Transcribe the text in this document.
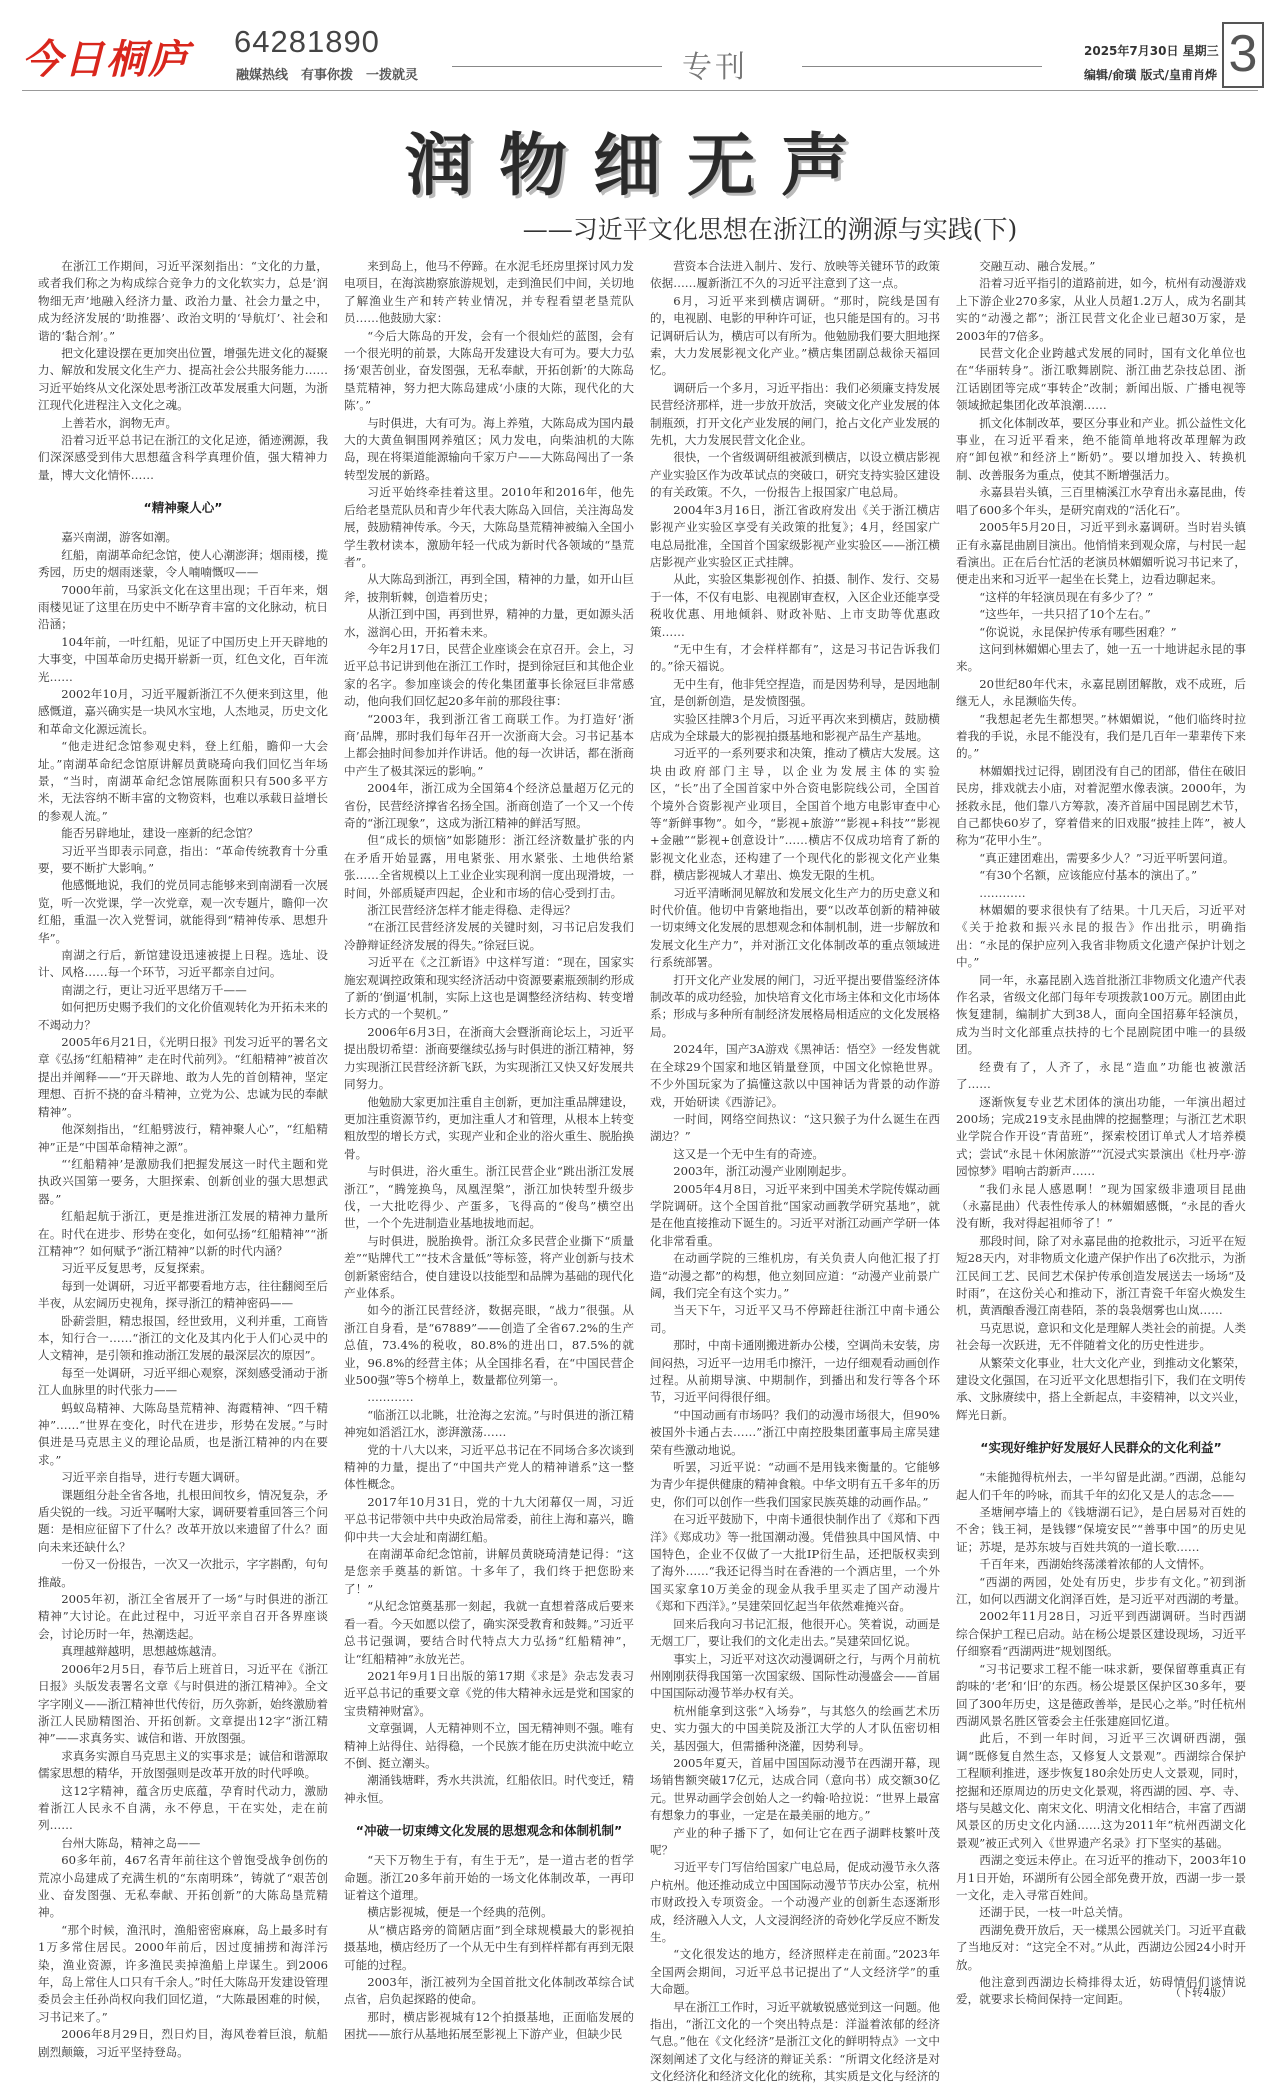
今日桐庐 64281890
融媒热线　有事你拨　一拨就灵	专刊	2025年7月30日 星期三
编辑/俞璜 版式/皇甫肖烨 3
润物细无声
——习近平文化思想在浙江的溯源与实践(下)

在浙江工作期间，习近平深刻指出：“文化的力量，或者我们称之为构成综合竞争力的文化软实力，总是‘润物细无声’地融入经济力量、政治力量、社会力量之中，成为经济发展的‘助推器’、政治文明的‘导航灯’、社会和谐的‘黏合剂’。”

把文化建设摆在更加突出位置，增强先进文化的凝聚力、解放和发展文化生产力、提高社会公共服务能力……习近平始终从文化深处思考浙江改革发展重大问题，为浙江现代化进程注入文化之魂。

上善若水，润物无声。

沿着习近平总书记在浙江的文化足迹，循迹溯源，我们深深感受到伟大思想蕴含科学真理价值，强大精神力量，博大文化情怀……

“精神聚人心”

嘉兴南湖，游客如潮。

红船，南湖革命纪念馆，使人心潮澎湃；烟雨楼，揽秀园，历史的烟雨迷蒙，令人喃喃慨叹——

7000年前，马家浜文化在这里出现；千百年来，烟雨楼见证了这里在历史中不断孕育丰富的文化脉动，杭日沿涵；

104年前，一叶红船，见证了中国历史上开天辟地的大事变，中国革命历史揭开崭新一页，红色文化，百年流光……

2002年10月，习近平履新浙江不久便来到这里，他感慨道，嘉兴确实是一块风水宝地，人杰地灵，历史文化和革命文化源远流长。

“他走进纪念馆参观史料，登上红船，瞻仰一大会址。”南湖革命纪念馆原讲解员黄晓琦向我们回忆当年场景，“当时，南湖革命纪念馆展陈面积只有500多平方米，无法容纳不断丰富的文物资料，也难以承载日益增长的参观人流。”

能否另辟地址，建设一座新的纪念馆？

习近平当即表示同意，指出：“革命传统教育十分重要，要不断扩大影响。”

他感慨地说，我们的党员同志能够来到南湖看一次展览，听一次党课，学一次党章，观一次专题片，瞻仰一次红船，重温一次入党誓词，就能得到“精神传承、思想升华”。

南湖之行后，新馆建设迅速被提上日程。选址、设计、风格……每一个环节，习近平都亲自过问。

南湖之行，更让习近平思绪万千——

如何把历史赐予我们的文化价值观转化为开拓未来的不竭动力？

2005年6月21日，《光明日报》刊发习近平的署名文章《弘扬“红船精神” 走在时代前列》。“红船精神”被首次提出并阐释——“开天辟地、敢为人先的首创精神，坚定理想、百折不挠的奋斗精神，立党为公、忠诚为民的奉献精神”。

他深刻指出，“红船劈波行，精神聚人心”，“红船精神”正是“中国革命精神之源”。

“‘红船精神’是激励我们把握发展这一时代主题和党执政兴国第一要务，大胆探索、创新创业的强大思想武器。”

红船起航于浙江，更是推进浙江发展的精神力量所在。时代在进步、形势在变化，如何弘扬“红船精神”“浙江精神”？如何赋予“浙江精神”以新的时代内涵？

习近平反复思考，反复探索。

每到一处调研，习近平都要看地方志，往往翻阅至后半夜，从宏阔历史视角，探寻浙江的精神密码——

卧薪尝胆，精忠报国，经世致用，义利并重，工商皆本，知行合一……“浙江的文化及其内化于人们心灵中的人文精神，是引领和推动浙江发展的最深层次的原因”。

每至一处调研，习近平细心观察，深刻感受涌动于浙江人血脉里的时代张力——

蚂蚁岛精神、大陈岛垦荒精神、海霞精神、“四千精神”……“世界在变化，时代在进步，形势在发展。”与时俱进是马克思主义的理论品质，也是浙江精神的内在要求。”

习近平亲自指导，进行专题大调研。

课题组分赴全省各地，扎根田间牧乡，情况复杂，矛盾尖锐的一线。习近平嘱咐大家，调研要着重回答三个问题：是相应征留下了什么？改革开放以来遗留了什么？面向未来还缺什么？

一份又一份报告，一次又一次批示，字字斟酌，句句推敲。

2005年初，浙江全省展开了一场“与时俱进的浙江精神”大讨论。在此过程中，习近平亲自召开各界座谈会，讨论历时一年，热潮迭起。

真理越辩越明，思想越炼越清。

2006年2月5日，春节后上班首日，习近平在《浙江日报》头版发表署名文章《与时俱进的浙江精神》。全文字字刚义——浙江精神世代传衍，历久弥新，始终激励着浙江人民励精图治、开拓创新。文章提出12字“浙江精神”——求真务实、诚信和谐、开放图强。

求真务实源自马克思主义的实事求是；诚信和谐源取儒家思想的精华，开放图强则是改革开放的时代呼唤。

这12字精神，蕴含历史底蕴，孕育时代动力，激励着浙江人民永不自满，永不停息，干在实处，走在前列……

台州大陈岛，精神之岛——

60多年前，467名青年前往这个曾饱受战争创伤的荒凉小岛建成了充满生机的“东南明珠”，铸就了“艰苦创业、奋发图强、无私奉献、开拓创新”的大陈岛垦荒精神。

“那个时候，渔汛时，渔船密密麻麻，岛上最多时有1万多常住居民。2000年前后，因过度捕捞和海洋污染，渔业资源，许多渔民卖掉渔船上岸谋生。到2006年，岛上常住人口只有千余人。”时任大陈岛开发建设管理委员会主任孙尚权向我们回忆道，“大陈最困难的时候，习书记来了。”

2006年8月29日，烈日灼目，海风卷着巨浪，航船剧烈颠簸，习近平坚持登岛。

来到岛上，他马不停蹄。在水泥毛坯房里探讨风力发电项目，在海滨勘察旅游规划，走到渔民们中间，关切地了解渔业生产和转产转业情况，并专程看望老垦荒队员……他鼓励大家：

“今后大陈岛的开发，会有一个很灿烂的蓝图，会有一个很光明的前景，大陈岛开发建设大有可为。要大力弘扬‘艰苦创业，奋发图强，无私奉献，开拓创新’的大陈岛垦荒精神，努力把大陈岛建成‘小康的大陈，现代化的大陈’。”

与时俱进，大有可为。海上养殖，大陈岛成为国内最大的大黄鱼铜围网养殖区；风力发电，向柴油机的大陈岛，现在将渠道能源输向千家万户——大陈岛闯出了一条转型发展的新路。

习近平始终牵挂着这里。2010年和2016年，他先后给老垦荒队员和青少年代表大陈岛入回信，关注海岛发展，鼓励精神传承。今天，大陈岛垦荒精神被编入全国小学生教材读本，激励年轻一代成为新时代各领域的“垦荒者”。

从大陈岛到浙江，再到全国，精神的力量，如开山巨斧，披荆斩棘，创造着历史；

从浙江到中国，再到世界，精神的力量，更如源头活水，滋润心田，开拓着未来。

今年2月17日，民营企业座谈会在京召开。会上，习近平总书记讲到他在浙江工作时，提到徐冠巨和其他企业家的名字。参加座谈会的传化集团董事长徐冠巨非常感动，他向我们回忆起20多年前的那段往事：

“2003年，我到浙江省工商联工作。为打造好‘浙商’品牌，那时我们每年召开一次浙商大会。习书记基本上都会抽时间参加并作讲话。他的每一次讲话，都在浙商中产生了极其深远的影响。”

2004年，浙江成为全国第4个经济总量超万亿元的省份，民营经济撑省名扬全国。浙商创造了一个又一个传奇的“浙江现象”，这成为浙江精神的鲜活写照。

但“成长的烦恼”如影随形：浙江经济数量扩张的内在矛盾开始显露，用电紧张、用水紧张、土地供给紧张……全省规模以上工业企业实现利润一度出现滑坡，一时间，外部质疑声四起，企业和市场的信心受到打击。

浙江民营经济怎样才能走得稳、走得远？

“在浙江民营经济发展的关键时刻，习书记启发我们冷静辩证经济发展的得失。”徐冠巨说。

习近平在《之江新语》中这样写道：“现在，国家实施宏观调控政策和现实经济活动中资源要素瓶颈制约形成了新的‘倒逼’机制，实际上这也是调整经济结构、转变增长方式的一个契机。”

2006年6月3日，在浙商大会暨浙商论坛上，习近平提出殷切希望：浙商要继续弘扬与时俱进的浙江精神，努力实现浙江民营经济新飞跃，为实现浙江又快又好发展共同努力。

他勉励大家更加注重自主创新，更加注重品牌建设，更加注重资源节约，更加注重人才和管理，从根本上转变粗放型的增长方式，实现产业和企业的浴火重生、脱胎换骨。

与时俱进，浴火重生。浙江民营企业“跳出浙江发展浙江”，“腾笼换鸟，凤凰涅槃”，浙江加快转型升级步伐，一大批吃得少、产蛋多，飞得高的“俊鸟”横空出世，一个个先进制造业基地拔地而起。

与时俱进，脱胎换骨。浙江众多民营企业撕下“质量差”“贴牌代工”“技术含量低”等标签，将产业创新与技术创新紧密结合，使自建设以技能型和品牌为基础的现代化产业体系。

如今的浙江民营经济，数据亮眼，“战力”很强。从浙江自身看，是“67889”——创造了全省67.2%的生产总值，73.4%的税收，80.8%的进出口，87.5%的就业，96.8%的经营主体；从全国排名看，在“中国民营企业500强”等5个榜单上，数量都位列第一。

…………

“临浙江以北眺，壮沧海之宏流。”与时俱进的浙江精神宛如滔滔江水，澎湃激荡……

党的十八大以来，习近平总书记在不同场合多次谈到精神的力量，提出了“中国共产党人的精神谱系”这一整体性概念。

2017年10月31日，党的十九大闭幕仅一周，习近平总书记带领中共中央政治局常委，前往上海和嘉兴，瞻仰中共一大会址和南湖红船。

在南湖革命纪念馆前，讲解员黄晓琦清楚记得：“这是您亲手奠基的新馆。十多年了，我们终于把您盼来了！”

“从纪念馆奠基那一刻起，我就一直想着落成后要来看一看。今天如愿以偿了，确实深受教育和鼓舞。”习近平总书记强调，要结合时代特点大力弘扬“红船精神”，让“红船精神”永放光芒。

2021年9月1日出版的第17期《求是》杂志发表习近平总书记的重要文章《党的伟大精神永远是党和国家的宝贵精神财富》。

文章强调，人无精神则不立，国无精神则不强。唯有精神上站得住、站得稳，一个民族才能在历史洪流中屹立不倒、挺立潮头。

潮涌钱塘畔，秀水共洪流，红船依旧。时代变迁，精神永恒。

“冲破一切束缚文化发展的思想观念和体制机制”

“天下万物生于有，有生于无”，是一道古老的哲学命题。浙江20多年前开始的一场文化体制改革，一再印证着这个道理。

横店影视城，便是一个经典的范例。

从“横店路旁的简陋店面”到全球规模最大的影视拍摄基地，横店经历了一个从无中生有到样样都有再到无限可能的过程。

2003年，浙江被列为全国首批文化体制改革综合试点省，启负起探路的使命。

那时，横店影视城有12个拍摄基地，正面临发展的困扰——旅行从基地拓展至影视上下游产业，但缺少民

营资本合法进入制片、发行、放映等关键环节的政策依据……履新浙江不久的习近平注意到了这一点。

6月，习近平来到横店调研。“那时，院线是国有的，电视剧、电影的甲种许可证，也只能是国有的。习书记调研后认为，横店可以有所为。他勉励我们要大胆地探索，大力发展影视文化产业。”横店集团副总裁徐天福回忆。

调研后一个多月，习近平指出：我们必须廉支持发展民营经济那样，进一步放开放活，突破文化产业发展的体制瓶颈，打开文化产业发展的闸门，抢占文化产业发展的先机，大力发展民营文化企业。

很快，一个省级调研组被派到横店，以设立横店影视产业实验区作为改革试点的突破口，研究支持实验区建设的有关政策。不久，一份报告上报国家广电总局。

2004年3月16日，浙江省政府发出《关于浙江横店影视产业实验区享受有关政策的批复》；4月，经国家广电总局批准，全国首个国家级影视产业实验区——浙江横店影视产业实验区正式挂牌。

从此，实验区集影视创作、拍摄、制作、发行、交易于一体，不仅有电影、电视剧审查权，入区企业还能享受税收优惠、用地倾斜、财政补贴、上市支助等优惠政策……

“无中生有，才会样样都有”，这是习书记告诉我们的。”徐天福说。

无中生有，他非凭空捏造，而是因势利导，是因地制宜，是创新创造，是发愤图强。

实验区挂牌3个月后，习近平再次来到横店，鼓励横店成为全球最大的影视拍摄基地和影视产品生产基地。

习近平的一系列要求和决策，推动了横店大发展。这块由政府部门主导，以企业为发展主体的实验区，“长”出了全国首家中外合资电影院线公司，全国首个境外合资影视产业项目，全国首个地方电影审查中心等“新鲜事物”。如今，“影视+旅游”“影视+科技”“影视+金融”“影视+创意设计”……横店不仅成功培育了新的影视文化业态，还构建了一个现代化的影视文化产业集群，横店影视城人才辈出、焕发无限的生机。

习近平清晰洞见解放和发展文化生产力的历史意义和时代价值。他切中肯綮地指出，要“以改革创新的精神破一切束缚文化发展的思想观念和体制机制，进一步解放和发展文化生产力”，并对浙江文化体制改革的重点领域进行系统部署。

打开文化产业发展的闸门，习近平提出要借鉴经济体制改革的成功经验，加快培育文化市场主体和文化市场体系；形成与多种所有制经济发展格局相适应的文化发展格局。

2024年，国产3A游戏《黑神话：悟空》一经发售就在全球29个国家和地区销量登顶，中国文化惊艳世界。不少外国玩家为了搞懂这款以中国神话为背景的动作游戏，开始研读《西游记》。

一时间，网络空间热议：“这只猴子为什么诞生在西湖边？”

这又是一个无中生有的奇迹。

2003年，浙江动漫产业刚刚起步。

2005年4月8日，习近平来到中国美术学院传媒动画学院调研。这个全国首批“国家动画教学研究基地”，就是在他直接推动下诞生的。习近平对浙江动画产学研一体化非常看重。

在动画学院的三维机房，有关负责人向他汇报了打造“动漫之都”的构想，他立刻回应道：“动漫产业前景广阔，我们完全有这个实力。”

当天下午，习近平又马不停蹄赶往浙江中南卡通公司。

那时，中南卡通刚搬进新办公楼，空调尚未安装，房间闷热，习近平一边用毛巾擦汗，一边仔细观看动画创作过程。从前期导演、中期制作，到播出和发行等各个环节，习近平问得很仔细。

“中国动画有市场吗？我们的动漫市场很大，但90%被国外卡通占去……”浙江中南控股集团董事局主席吴建荣有些激动地说。

听罢，习近平说：“动画不是用钱来衡量的。它能够为青少年提供健康的精神食粮。中华文明有五千多年的历史，你们可以创作一些我们国家民族英雄的动画作品。”

在习近平鼓励下，中南卡通很快制作出了《郑和下西洋》《郑成功》等一批国潮动漫。凭借独具中国风情、中国特色，企业不仅做了一大批IP衍生品，还把版权卖到了海外……“我还记得当时在香港的一个酒店里，一个外国买家拿10万美金的现金从我手里买走了国产动漫片《郑和下西洋》。”吴建荣回忆起当年依然难掩兴奋。

回来后我向习书记汇报，他很开心。笑着说，动画是无烟工厂，要让我们的文化走出去。”吴建荣回忆说。

事实上，习近平对这次动漫调研之行，与两个月前杭州刚刚获得我国第一次国家级、国际性动漫盛会——首届中国国际动漫节举办权有关。

杭州能拿到这张“入场券”，与其悠久的绘画艺术历史、实力强大的中国美院及浙江大学的人才队伍密切相关，基因强大，但需播种浇灌，因势利导。

2005年夏天，首届中国国际动漫节在西湖开幕，现场销售额突破17亿元，达成合同（意向书）成交额30亿元。世界动画学会创始人之一约翰·哈拉说：“世界上最富有想象力的事业，一定是在最美丽的地方。”

产业的种子播下了，如何让它在西子湖畔枝繁叶茂呢？

习近平专门写信给国家广电总局，促成动漫节永久落户杭州。他还推动成立中国国际动漫节节庆办公室，杭州市财政投入专项资金。一个动漫产业的创新生态逐渐形成，经济融入人文，人文浸润经济的奇妙化学反应不断发生。

“文化很发达的地方，经济照样走在前面。”2023年全国两会期间，习近平总书记提出了“人文经济学”的重大命题。

早在浙江工作时，习近平就敏锐感觉到这一问题。他指出，“浙江文化的一个突出特点是：洋溢着浓郁的经济气息。”他在《文化经济”是浙江文化的鲜明特点》一文中深刻阐述了文化与经济的辩证关系：“所谓文化经济是对文化经济化和经济文化化的统称，其实质是文化与经济的

交融互动、融合发展。”

沿着习近平指引的道路前进，如今，杭州有动漫游戏上下游企业270多家，从业人员超1.2万人，成为名副其实的“动漫之都”；浙江民营文化企业已超30万家，是2003年的7倍多。

民营文化企业跨越式发展的同时，国有文化单位也在“华丽转身”。浙江歌舞剧院、浙江曲艺杂技总团、浙江话剧团等完成“事转企”改制；新闻出版、广播电视等领域掀起集团化改革浪潮……

抓文化体制改革，要区分事业和产业。抓公益性文化事业，在习近平看来，绝不能简单地将改革理解为政府“卸包袱”和经济上“断奶”。要以增加投入、转换机制、改善服务为重点，使其不断增强活力。

永嘉县岩头镇，三百里楠溪江水孕育出永嘉昆曲，传唱了600多个年头，是研究南戏的“活化石”。

2005年5月20日，习近平到永嘉调研。当时岩头镇正有永嘉昆曲剧目演出。他悄悄来到观众席，与村民一起看演出。正在后台忙活的老演员林媚媚听说习书记来了，便走出来和习近平一起坐在长凳上，边看边聊起来。

“这样的年轻演员现在有多少了？”

“这些年，一共只招了10个左右。”

“你说说，永昆保护传承有哪些困难？”

这问到林媚媚心里去了，她一五一十地讲起永昆的事来。

20世纪80年代末，永嘉昆剧团解散，戏不成班，后继无人，永昆濒临失传。

“我想起老先生都想哭。”林媚媚说，“他们临终时拉着我的手说，永昆不能没有，我们是几百年一辈辈传下来的。”

林媚媚找过记得，剧团没有自己的团部，借住在破旧民房，排戏就去小庙，对着泥塑水像表演。2000年，为拯救永昆，他们靠八方筹款，凑齐首届中国昆剧艺术节，自己都快60岁了，穿着借来的旧戏服“披挂上阵”，被人称为“花甲小生”。

“真正建团难出，需要多少人？”习近平听罢问道。

“有30个名额，应该能应付基本的演出了。”

…………

林媚媚的要求很快有了结果。十几天后，习近平对《关于抢救和振兴永昆的报告》作出批示，明确指出：“永昆的保护应列入我省非物质文化遗产保护计划之中。”

同一年，永嘉昆剧入选首批浙江非物质文化遗产代表作名录，省级文化部门每年专项拨款100万元。剧团由此恢复建制，编制扩大到38人，面向全国招募年轻演员，成为当时文化部重点扶持的七个昆剧院团中唯一的县级团。

经费有了，人齐了，永昆“造血”功能也被激活了……

逐渐恢复专业艺术团体的演出功能，一年演出超过200场；完成219支永昆曲牌的挖掘整理；与浙江艺术职业学院合作开设“青苗班”，探索校团订单式人才培养模式；尝试“永昆＋休闲旅游”“沉浸式实景演出《杜丹亭·游园惊梦》唱响古韵新声……

“我们永昆人感恩啊！”现为国家级非遗项目昆曲（永嘉昆曲）代表性传承人的林媚媚感慨，“永昆的香火没有断，我对得起祖师爷了！”

那段时间，除了对永嘉昆曲的抢救批示，习近平在短短28天内，对非物质文化遗产保护作出了6次批示，为浙江民间工艺、民间艺术保护传承创造发展送去一场场“及时雨”，在这份关心和推动下，浙江青瓷千年窑火焕发生机，黄酒酿香漫江南巷陌，茶的袅袅烟雾也山岚……

马克思说，意识和文化是理解人类社会的前提。人类社会每一次跃进，无不伴随着文化的历史性进步。

从繁荣文化事业，壮大文化产业，到推动文化繁荣，建设文化强国，在习近平文化思想指引下，我们在文明传承、文脉赓续中，搭上全新起点，丰姿精神，以文兴业，辉光日新。

“实现好维护好发展好人民群众的文化利益”

“未能抛得杭州去，一半勾留是此湖。”西湖，总能勾起人们千年的吟咏，而其千年的幻化又是人的志念——

圣塘闸亭墙上的《钱塘湖石记》，是白居易对百姓的不舍；钱王祠，是钱镠“保境安民”“善事中国”的历史见证；苏堤，是苏东坡与百姓共筑的一道长歌……

千百年来，西湖始终荡漾着浓郁的人文情怀。

“西湖的两园，处处有历史，步步有文化。”初到浙江，如何以西湖文化润泽百姓，是习近平对西湖的考量。

2002年11月28日，习近平到西湖调研。当时西湖综合保护工程已启动。站在杨公堤景区建设现场，习近平仔细察看“西湖两进”规划图纸。

“习书记要求工程不能一味求新，要保留尊重真正有韵味的‘老’和‘旧’的东西。杨公堤景区保护区30多年，要回了300年历史，这是德政善举，是民心之举。”时任杭州西湖风景名胜区管委会主任张建庭回忆道。

此后，不到一年时间，习近平三次调研西湖，强调“既修复自然生态，又修复人文景观”。西湖综合保护工程顺利推进，逐步恢复180余处历史人文景观，同时，挖掘和还原周边的历史文化景观，将西湖的园、亭、寺、塔与吴越文化、南宋文化、明清文化相结合，丰富了西湖风景区的历史文化内涵……这为2011年“杭州西湖文化景观”被正式列入《世界遗产名录》打下坚实的基础。

西湖之变远未停止。在习近平的推动下，2003年10月1日开始，环湖所有公园全部免费开放，西湖一步一景一文化，走入寻常百姓间。

还湖于民，一枝一叶总关情。

西湖免费开放后，天一樣黑公园就关门。习近平直截了当地反对：“这完全不对。”从此，西湖边公园24小时开放。

他注意到西湖边长椅排得太近，妨碍情侣们谈情说爱，就要求长椅间保持一定间距。	（下转4版）
